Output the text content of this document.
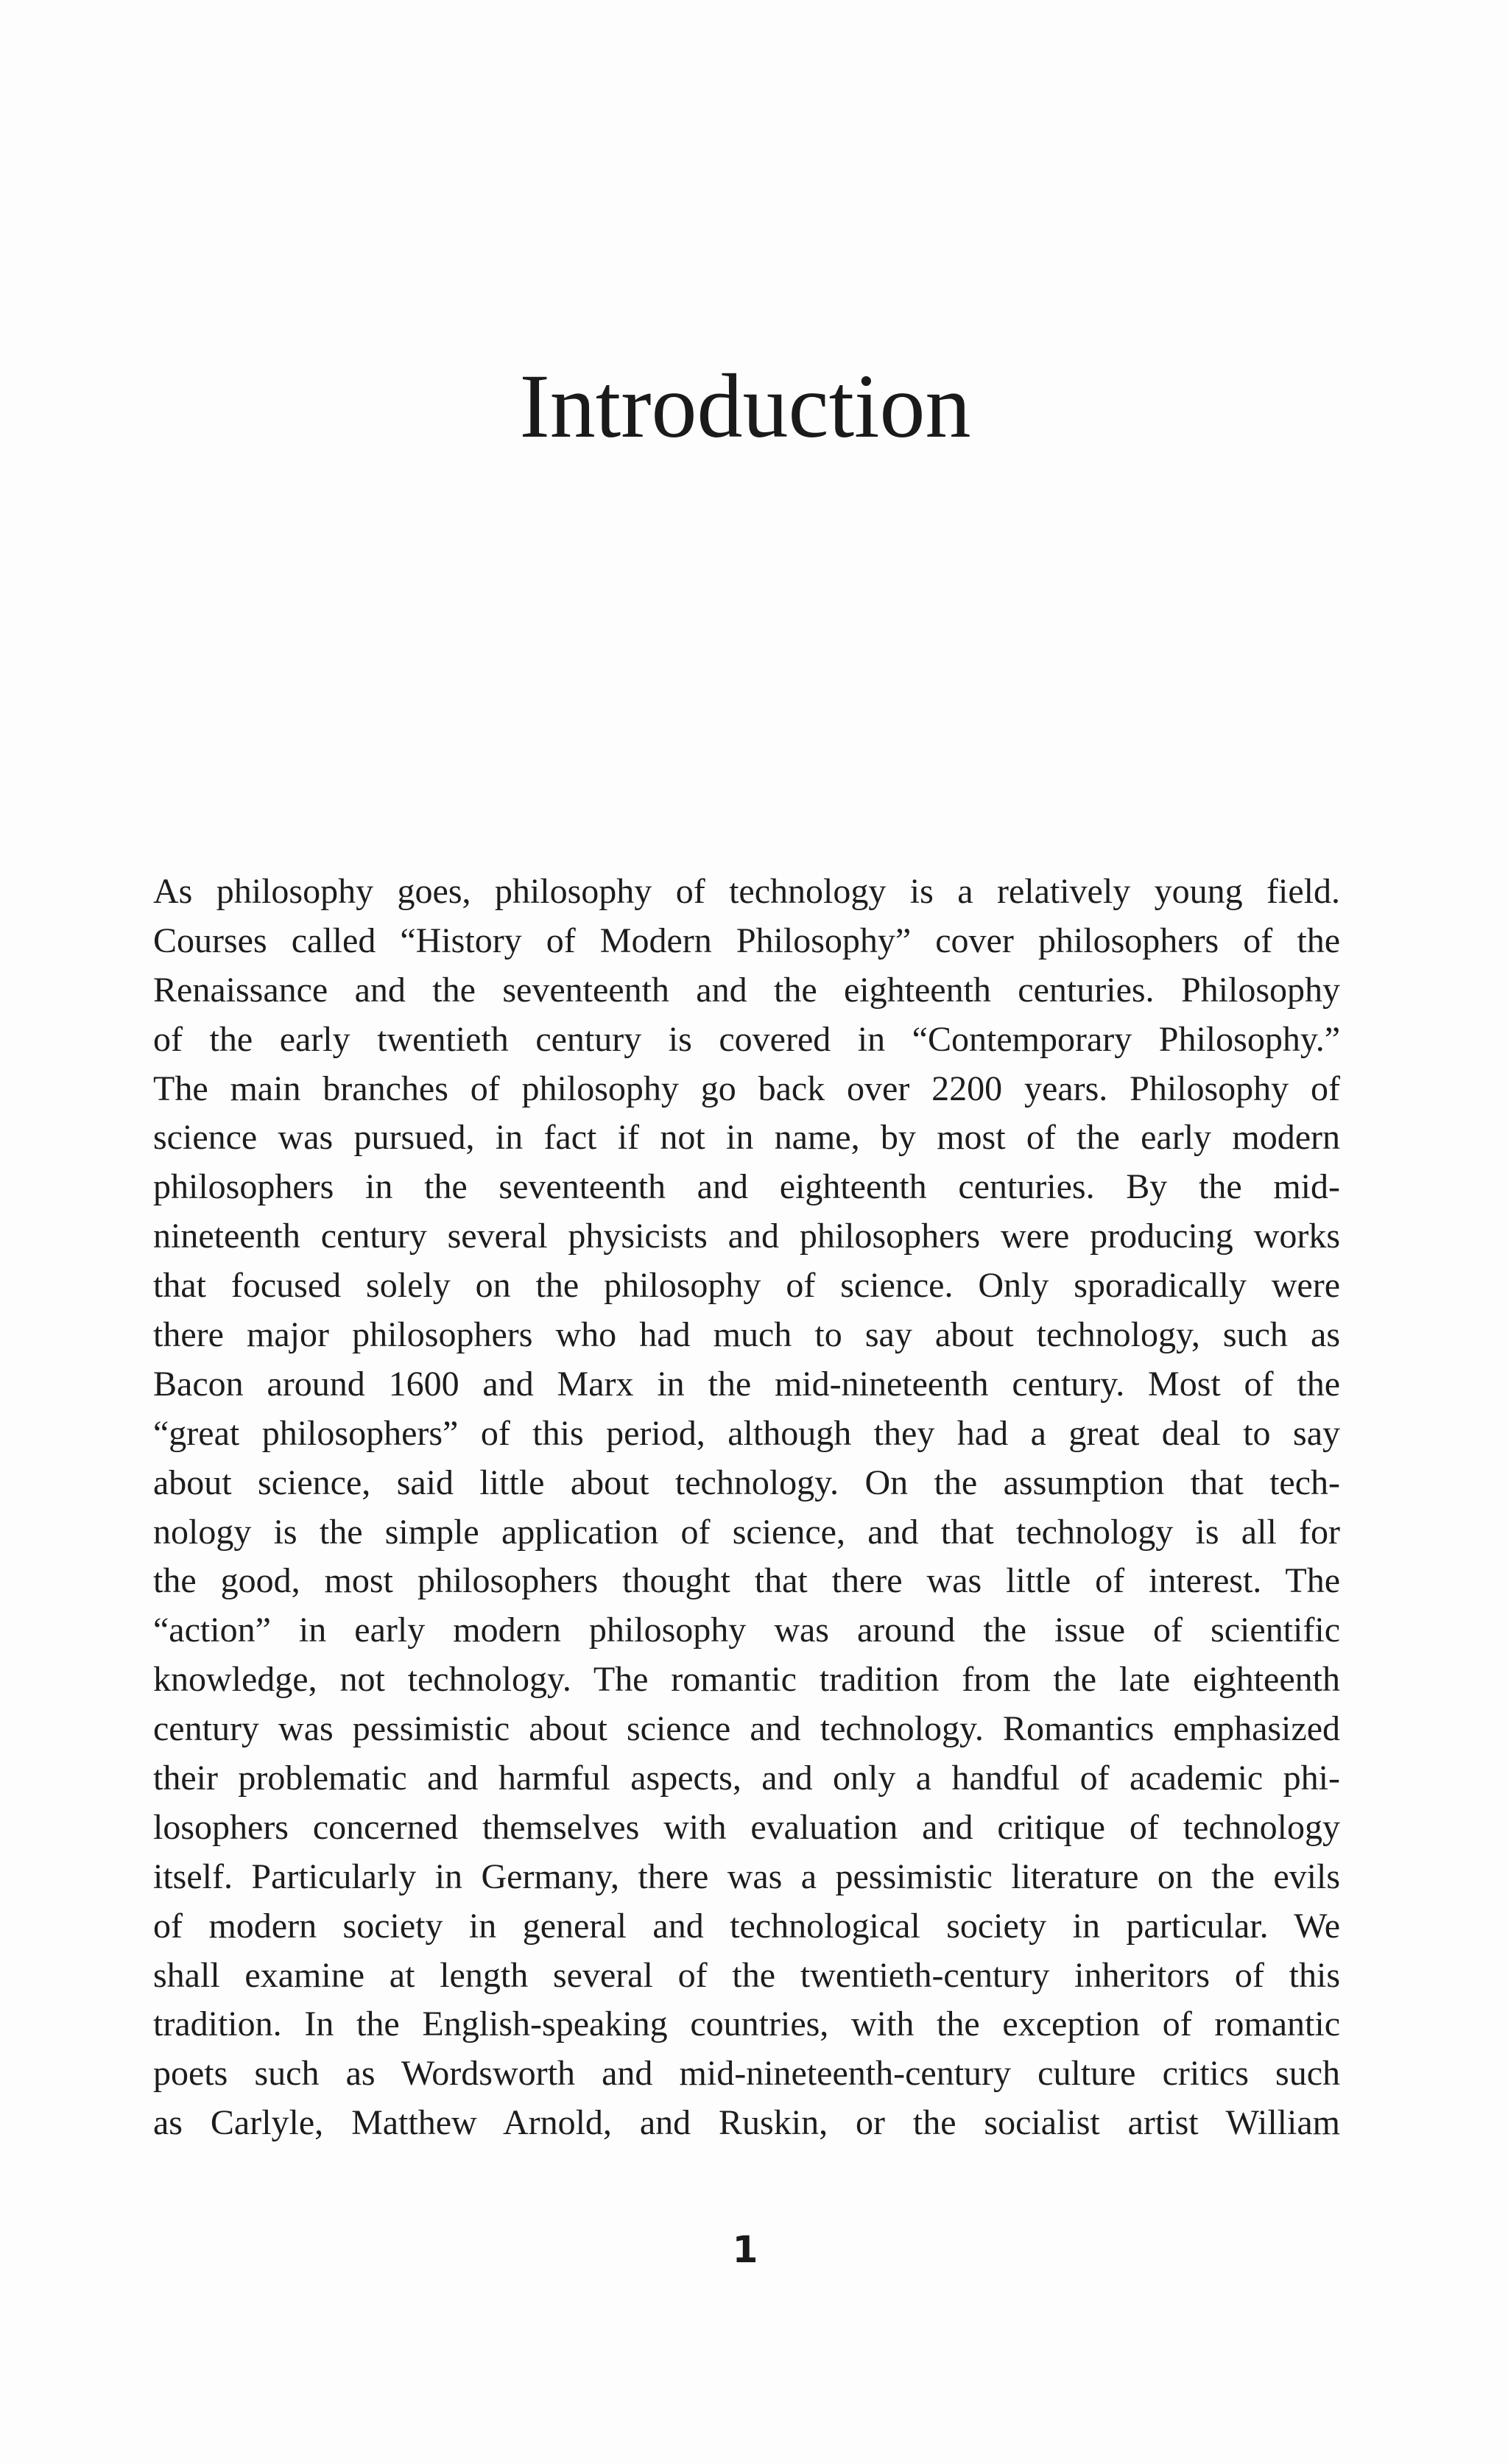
Introduction
As philosophy goes, philosophy of technology is a relatively young field.
Courses called “History of Modern Philosophy” cover philosophers of the
Renaissance and the seventeenth and the eighteenth centuries. Philosophy
of the early twentieth century is covered in “Contemporary Philosophy.”
The main branches of philosophy go back over 2200 years. Philosophy of
science was pursued, in fact if not in name, by most of the early modern
philosophers in the seventeenth and eighteenth centuries. By the mid-
nineteenth century several physicists and philosophers were producing works
that focused solely on the philosophy of science. Only sporadically were
there major philosophers who had much to say about technology, such as
Bacon around 1600 and Marx in the mid-nineteenth century. Most of the
“great philosophers” of this period, although they had a great deal to say
about science, said little about technology. On the assumption that tech-
nology is the simple application of science, and that technology is all for
the good, most philosophers thought that there was little of interest. The
“action” in early modern philosophy was around the issue of scientific
knowledge, not technology. The romantic tradition from the late eighteenth
century was pessimistic about science and technology. Romantics emphasized
their problematic and harmful aspects, and only a handful of academic phi-
losophers concerned themselves with evaluation and critique of technology
itself. Particularly in Germany, there was a pessimistic literature on the evils
of modern society in general and technological society in particular. We
shall examine at length several of the twentieth-century inheritors of this
tradition. In the English-speaking countries, with the exception of romantic
poets such as Wordsworth and mid-nineteenth-century culture critics such
as Carlyle, Matthew Arnold, and Ruskin, or the socialist artist William
1
